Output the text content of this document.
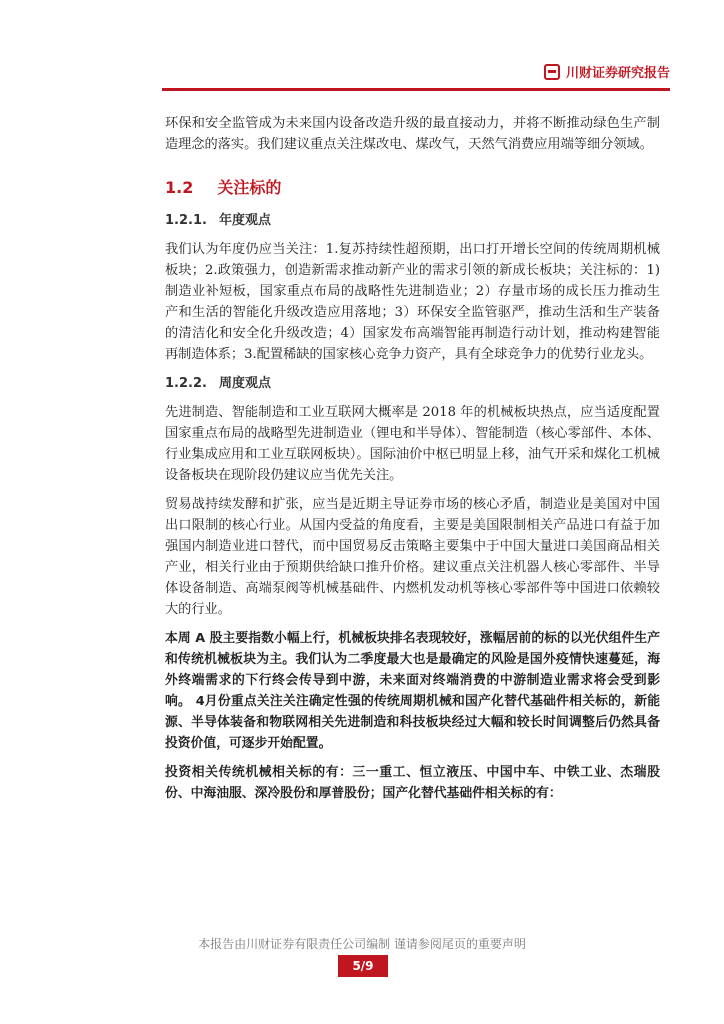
川财证券研究报告

环保和安全监管成为未来国内设备改造升级的最直接动力，并将不断推动绿色生产制造理念的落实。我们建议重点关注煤改电、煤改气，天然气消费应用端等细分领域。

1.2 关注标的
1.2.1. 年度观点

我们认为年度仍应当关注：1.复苏持续性超预期，出口打开增长空间的传统周期机械板块；2.政策强力，创造新需求推动新产业的需求引领的新成长板块；关注标的：1)制造业补短板，国家重点布局的战略性先进制造业；2）存量市场的成长压力推动生产和生活的智能化升级改造应用落地；3）环保安全监管驱严，推动生活和生产装备的清洁化和安全化升级改造；4）国家发布高端智能再制造行动计划，推动构建智能再制造体系；3.配置稀缺的国家核心竞争力资产，具有全球竞争力的优势行业龙头。

1.2.2. 周度观点

先进制造、智能制造和工业互联网大概率是 2018 年的机械板块热点，应当适度配置国家重点布局的战略型先进制造业（锂电和半导体）、智能制造（核心零部件、本体、行业集成应用和工业互联网板块）。国际油价中枢已明显上移，油气开采和煤化工机械设备板块在现阶段仍建议应当优先关注。

贸易战持续发酵和扩张，应当是近期主导证券市场的核心矛盾，制造业是美国对中国出口限制的核心行业。从国内受益的角度看，主要是美国限制相关产品进口有益于加强国内制造业进口替代，而中国贸易反击策略主要集中于中国大量进口美国商品相关产业，相关行业由于预期供给缺口推升价格。建议重点关注机器人核心零部件、半导体设备制造、高端泵阀等机械基础件、内燃机发动机等核心零部件等中国进口依赖较大的行业。

本周 A 股主要指数小幅上行，机械板块排名表现较好，涨幅居前的标的以光伏组件生产和传统机械板块为主。我们认为二季度最大也是最确定的风险是国外疫情快速蔓延，海外终端需求的下行终会传导到中游，未来面对终端消费的中游制造业需求将会受到影响。 4月份重点关注关注确定性强的传统周期机械和国产化替代基础件相关标的，新能源、半导体装备和物联网相关先进制造和科技板块经过大幅和较长时间调整后仍然具备投资价值，可逐步开始配置。

投资相关传统机械相关标的有：三一重工、恒立液压、中国中车、中铁工业、杰瑞股份、中海油服、深冷股份和厚普股份；国产化替代基础件相关标的有：

本报告由川财证券有限责任公司编制 谨请参阅尾页的重要声明
5/9
